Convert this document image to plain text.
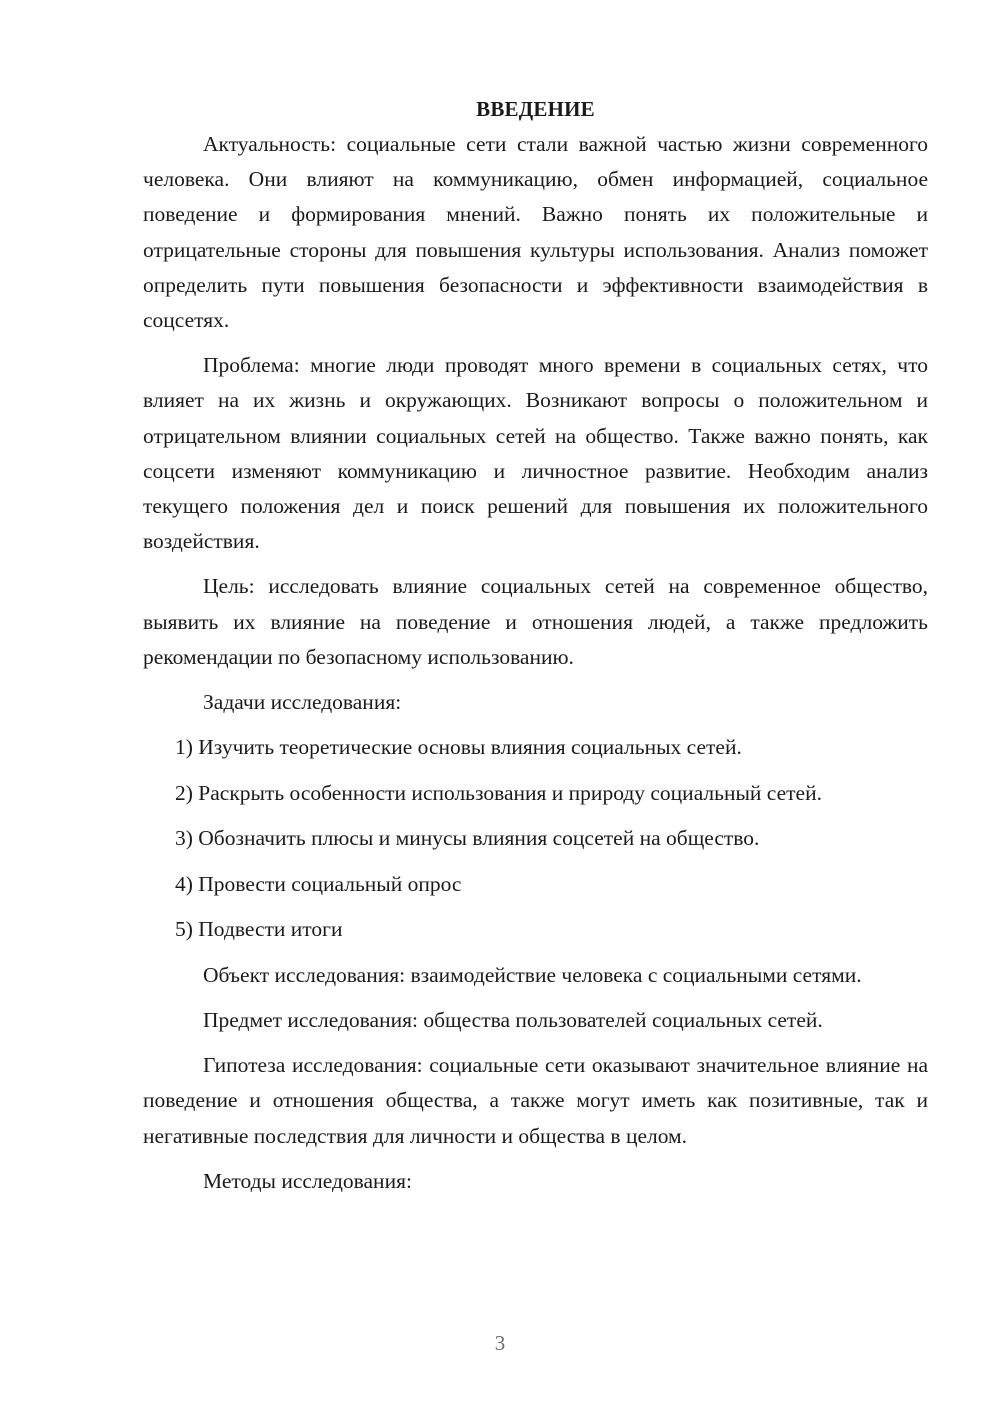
ВВЕДЕНИЕ

Актуальность: социальные сети стали важной частью жизни современного человека. Они влияют на коммуникацию, обмен информацией, социальное поведение и формирования мнений. Важно понять их положительные и отрицательные стороны для повышения культуры использования. Анализ поможет определить пути повышения безопасности и эффективности взаимодействия в соцсетях.

Проблема: многие люди проводят много времени в социальных сетях, что влияет на их жизнь и окружающих. Возникают вопросы о положительном и отрицательном влиянии социальных сетей на общество. Также важно понять, как соцсети изменяют коммуникацию и личностное развитие. Необходим анализ текущего положения дел и поиск решений для повышения их положительного воздействия.

Цель: исследовать влияние социальных сетей на современное общество, выявить их влияние на поведение и отношения людей, а также предложить рекомендации по безопасному использованию.

Задачи исследования:

1) Изучить теоретические основы влияния социальных сетей.
2) Раскрыть особенности использования и природу социальный сетей.
3) Обозначить плюсы и минусы влияния соцсетей на общество.
4) Провести социальный опрос
5) Подвести итоги

Объект исследования: взаимодействие человека с социальными сетями.

Предмет исследования: общества пользователей социальных сетей.

Гипотеза исследования: социальные сети оказывают значительное влияние на поведение и отношения общества, а также могут иметь как позитивные, так и негативные последствия для личности и общества в целом.

Методы исследования:

3
